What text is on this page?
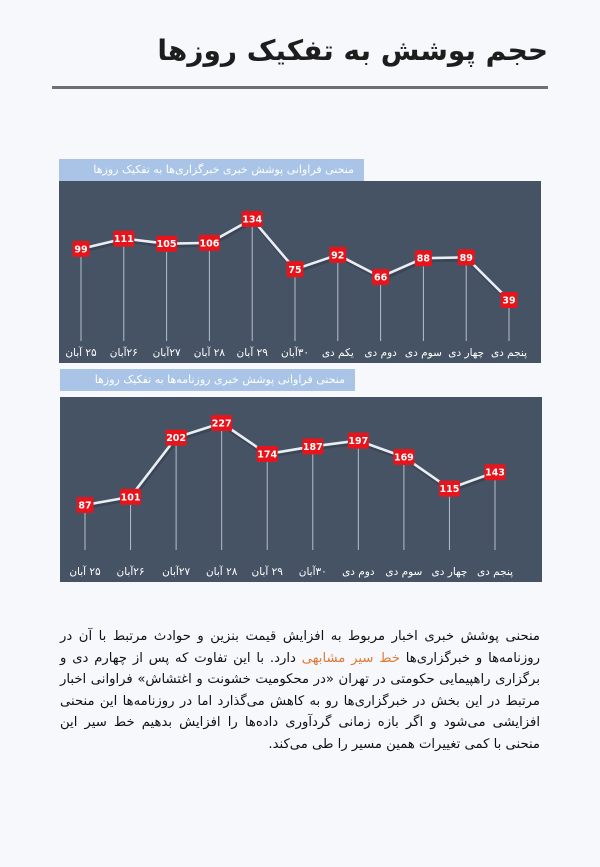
حجم پوشش به تفکیک روزها
منحنی فراوانی پوشش خبری خبرگزاری‌ها به تفکیک روزها
99
111 105 106
134
75
92
66
88	89
39
۲۵ آبان ۲۶آبان ۲۷آبان ۲۸ آبان ۲۹ آبان ۳۰آبان یکم دی دوم دی سوم دی چهار دی پنجم دی
منحنی فراوانی پوشش خبری روزنامه‌ها به تفکیک روزها
87
101
202
227
174
187
197
169
115
143
۲۵ آبان ۲۶آبان ۲۷آبان ۲۸ آبان ۲۹ آبان ۳۰آبان دوم دی سوم دی چهار دی پنجم دی

منحنی پوشش خبری اخبار مربوط به افزایش قیمت بنزین و حوادث مرتبط با آن در روزنامه‌ها و خبرگزاری‌ها خط سیر مشابهی دارد. با این تفاوت که پس از چهارم دی و برگزاری راهپیمایی حکومتی در تهران «در محکومیت خشونت و اغتشاش» فراوانی اخبار مرتبط در این بخش در خبرگزاری‌ها رو به کاهش می‌گذارد اما در روزنامه‌ها این منحنی افزایشی می‌شود و اگر بازه زمانی گردآوری داده‌ها را افزایش بدهیم خط سیر این منحنی با کمی تغییرات همین مسیر را طی می‌کند.
